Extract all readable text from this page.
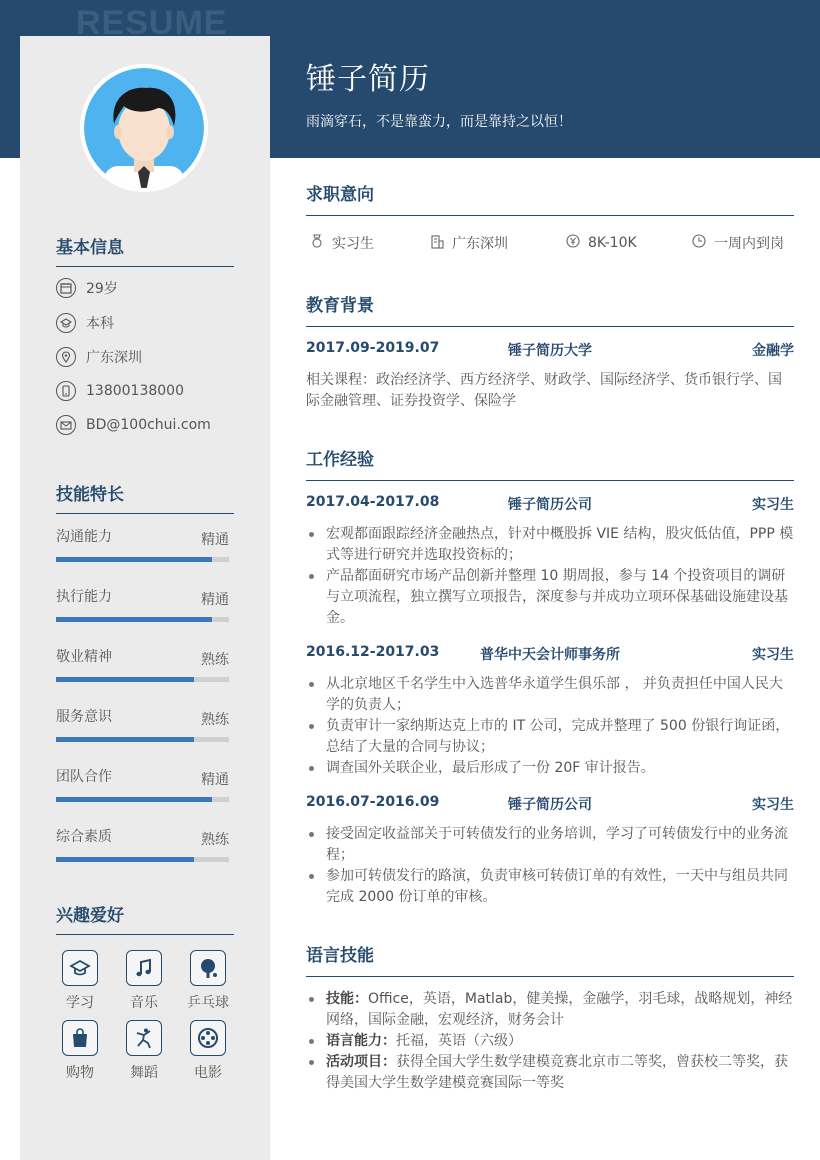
RESUME
基本信息
29岁
本科
广东深圳
13800138000
BD@100chui.com
技能特长
沟通能力	精通
执行能力	精通
敬业精神	熟练
服务意识	熟练
团队合作	精通
综合素质	熟练
兴趣爱好
学习	音乐	乒乓球
购物	舞蹈	电影
锤子简历
雨滴穿石，不是靠蛮力，而是靠持之以恒！
求职意向
实习生	广东深圳	8K-10K	一周内到岗
教育背景
2017.09-2019.07	锤子简历大学	金融学
相关课程：政治经济学、西方经济学、财政学、国际经济学、货币银行学、国际金融管理、证券投资学、保险学
工作经验
2017.04-2017.08	锤子简历公司	实习生
宏观都面跟踪经济金融热点，针对中概股拆 VIE 结构，股灾低估值，PPP 模式等进行研究并选取投资标的；
产品都面研究市场产品创新并整理 10 期周报，参与 14 个投资项目的调研与立项流程，独立撰写立项报告，深度参与并成功立项环保基础设施建设基金。
2016.12-2017.03	普华中天会计师事务所	实习生
从北京地区千名学生中入选普华永道学生俱乐部 ， 并负责担任中国人民大学的负责人；
负责审计一家纳斯达克上市的 IT 公司，完成并整理了 500 份银行询证函，总结了大量的合同与协议；
调查国外关联企业，最后形成了一份 20F 审计报告。
2016.07-2016.09	锤子简历公司	实习生
接受固定收益部关于可转债发行的业务培训，学习了可转债发行中的业务流程；
参加可转债发行的路演，负责审核可转债订单的有效性，一天中与组员共同完成 2000 份订单的审核。
语言技能
技能：Office，英语，Matlab，健美操，金融学，羽毛球，战略规划，神经网络，国际金融，宏观经济，财务会计
语言能力：托福，英语（六级）
活动项目：获得全国大学生数学建模竞赛北京市二等奖，曾获校二等奖，获得美国大学生数学建模竞赛国际一等奖
